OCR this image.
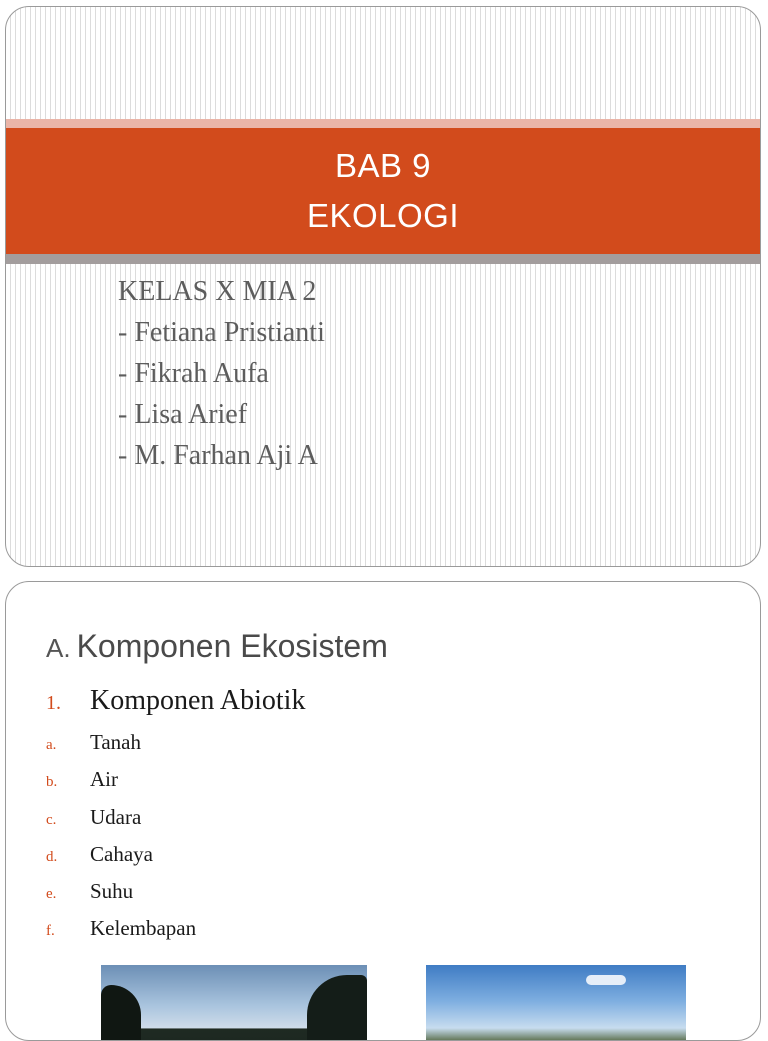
BAB 9
EKOLOGI
KELAS X MIA 2
- Fetiana Pristianti
- Fikrah Aufa
- Lisa Arief
- M. Farhan Aji A
A. Komponen Ekosistem
1.	Komponen Abiotik
a.	Tanah
b.	Air
c.	Udara
d.	Cahaya
e.	Suhu
f.	Kelembapan
